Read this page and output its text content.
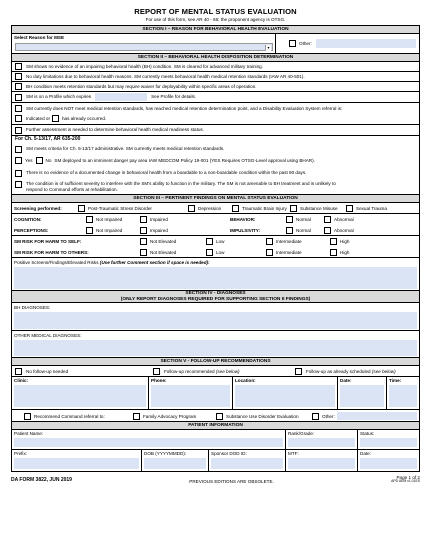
REPORT OF MENTAL STATUS EVALUATION
For use of this form, see AR 40 - 66; the proponent agency is OTSG.
SECTION I – REASON FOR BEHAVIORAL HEALTH EVALUATION
Select Reason for MSE
▾
Other:
SECTION II – BEHAVIORAL HEALTH DISPOSITION DETERMINATION
SM shows no evidence of an impairing behavioral health (BH) condition. SM is cleared for advanced military training.
No duty limitations due to behavioral health reasons. SM currently meets behavioral health medical retention standards (IAW AR 40-501).
BH condition meets retention standards but may require waiver for deployability within specific areas of operation.
SM is on a Profile which expires	See Profile for details.
SM currently does NOT meet medical retention standards, has reached medical retention determination point, and a Disability Evaluation System referral is:
Indicated or	has already occurred.
Further assessment is needed to determine behavioral health medical readiness status.
For Ch. 5-13/17, AR 635-200
SM meets criteria for Ch. 5-13/17 administrative. SM currently meets medical retention standards.
Yes	No SM deployed to an imminent danger pay area IAW MEDCOM Policy 19-001 (YES Requires OTSG-Level approval using BHAR).
There is no evidence of a documented change in behavioral health from a boardable to a non-boardable condition within the past 90 days.
The condition is of sufficient severity to interfere with the SM's ability to function in the military. The SM is not amenable to BH treatment and is unlikely to
respond to Command efforts at rehabilitation.
SECTION III – PERTINENT FINDINGS ON MENTAL STATUS EVALUATION
Screening performed:	Post-Traumatic Stress Disorder	Depression	Traumatic Brain Injury	Substance Misuse	Sexual Trauma
COGNITION:	Not Impaired	Impaired	BEHAVIOR:	Normal	Abnormal
PERCEPTIONS:	Not Impaired	Impaired	IMPULSIVITY:	Normal	Abnormal
SM RISK FOR HARM TO SELF:	Not Elevated	Low	Intermediate	High
SM RISK FOR HARM TO OTHERS:	Not Elevated	Low	Intermediate	High
Positive Screens/Findings/Elevated Risks (Use further Comment section if space is needed):
SECTION IV - DIAGNOSES
(ONLY REPORT DIAGNOSES REQUIRED FOR SUPPORTING SECTION II FINDINGS)
BH DIAGNOSES:
OTHER MEDICAL DIAGNOSES:
SECTION V - FOLLOW-UP RECOMMENDATIONS
No follow-up needed	Follow-up recommended (see below)	Follow-up as already scheduled (see below)
Clinic:	Phone:	Location:	Date:	Time:
Recommend Command referral to:	Family Advocacy Program	Substance Use Disorder Evaluation	Other:
PATIENT INFORMATION
Patient Name:	Rank/Grade:	Status:
Prefix:	DOB (YYYYMMDD):	Sponsor DOD ID:	MTF:	Date:
DA FORM 3822, JUN 2019	PREVIOUS EDITIONS ARE OBSOLETE.
Page 1 of 2
APD AEM v1.01ES
